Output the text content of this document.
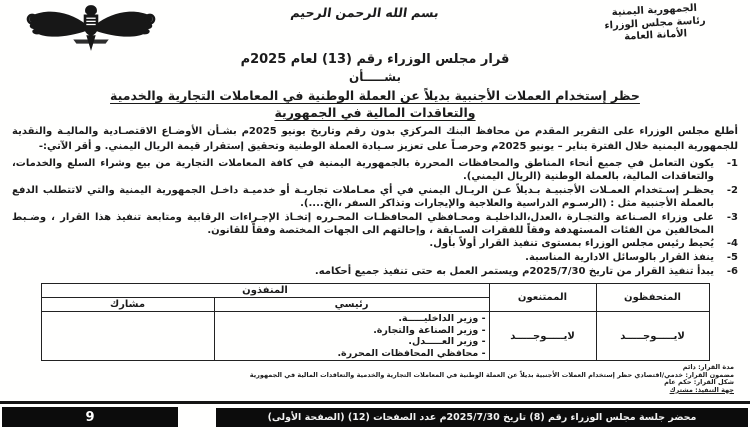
الجمهورية اليمنية
رئاسة مجلس الوزراء
الأمانة العامة
بسم الله الرحمن الرحيم
قرار مجلس الوزراء رقم (13) لعام 2025م
بشـــــأن
حظر إستخدام العملات الأجنبية بديلاً عن العملة الوطنية في المعاملات التجارية والخدمية
والتعاقدات المالية في الجمهورية

أطلع مجلس الوزراء على التقرير المقدم من محافظ البنك المركزي بدون رقم وتاريخ يونيو 2025م بشـأن الأوضـاع الاقتصـادية والماليـة والنقدية للجمهورية اليمنية خلال الفترة يناير – يونيو 2025م وحرصـاً على تعزيز سـيادة العملة الوطنية وتحقيق إستقرار قيمة الريال اليمني. و أقر الآتي:-

1-
يكون التعامل في جميع أنحاء المناطق والمحافظات المحررة بالجمهورية اليمنية في كافة المعاملات التجارية من بيع وشراء السلع والخدمات، والتعاقدات المالية، بالعملة الوطنية (الريال اليمني).
2-
يحظـر إسـتخدام العمـلات الأجنبيـة بـديلاً عـن الريـال اليمني في أي معـاملات تجاريـة أو خدميـة داخـل الجمهورية اليمنية والتي لاتتطلب الدفع بالعملة الأجنبية مثل : (الرسـوم الدراسية والعلاجية والإيجارات وتذاكر السفر ،الخ....).
3-
على وزراء الصـناعة والتجـارة ،العدل،الداخليـة ومحـافظي المحافظـات المحـرره إتخـاذ الإجـراءات الرقابية ومتابعة تنفيذ هذا القرار ، وضـبط المخالفين من الفئات المستهدفة وفقاً للفقرات السـابقة ، وإحالتهم الى الجهات المختصة وفقاً للقانون.
4-
يُحيط رئيس مجلس الوزراء بمستوى تنفيذ القرار أولاً بأول.
5-
ينفذ القرار بالوسائل الادارية المناسبة.
6-
يبدأ تنفيذ القرار من تاريخ 2025/7/30م ويستمر العمل به حتى تنفيذ جميع أحكامه.
المتحفظون	الممتنعون	المنفذون	
		رئيسي	مشارك
لايـــــوجـــــد	لايـــــوجـــــد	- وزير الداخليـــــة.
- وزير الصناعة والتجارة.
- وزير العـــــدل.
- محافظي المحافظات المحررة.	

مدة القرار: دائم
مضمون القرار: خدمي/اقتصادي حظر إستخدام العملات الأجنبية بديلاً عن العملة الوطنية في المعاملات التجارية والخدمية والتعاقدات المالية في الجمهورية
شكل القرار: حكم عام
جهة التنفيذ: مشترك
محضر جلسة مجلس الوزراء رقم (8) تاريخ 2025/7/30م عدد الصفحات (12) (الصفحة الأولى)
9
